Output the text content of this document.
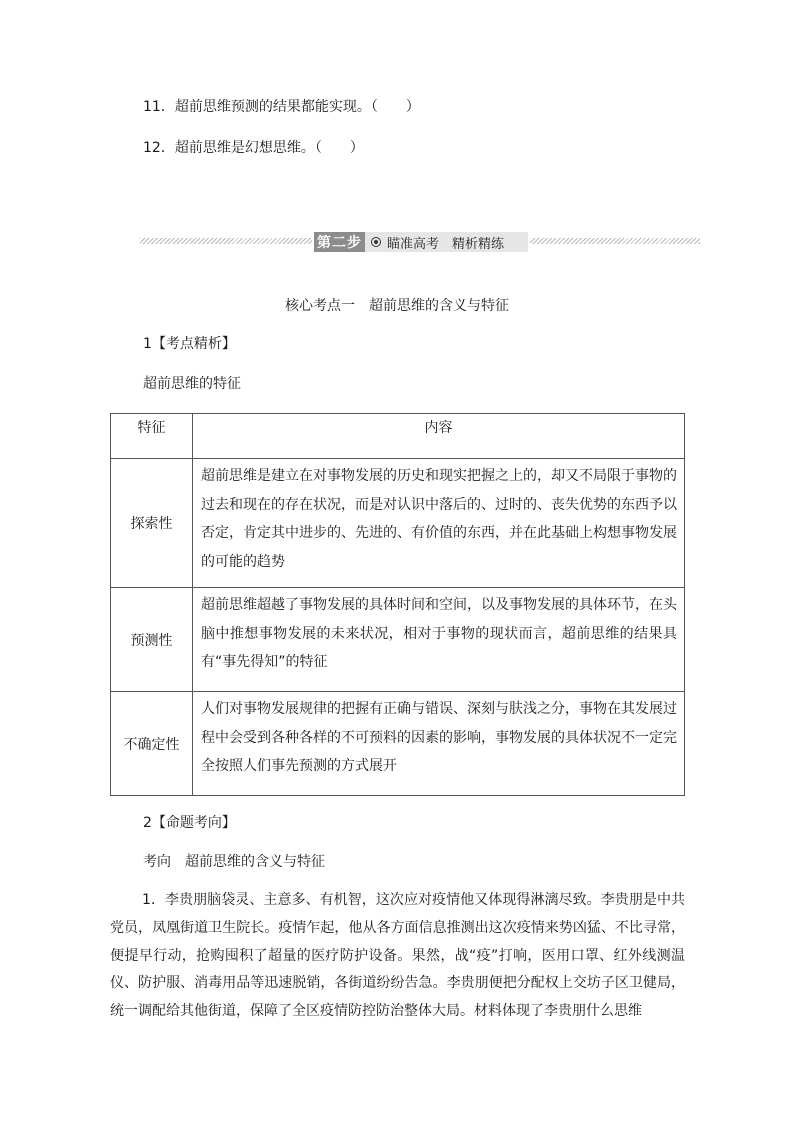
11．超前思维预测的结果都能实现。（　　）
12．超前思维是幻想思维。（　　）
第二步 瞄准高考　精析精练
核心考点一　超前思维的含义与特征
1【考点精析】
超前思维的特征
特征	内容
探索性	超前思维是建立在对事物发展的历史和现实把握之上的，却又不局限于事物的过去和现在的存在状况，而是对认识中落后的、过时的、丧失优势的东西予以否定，肯定其中进步的、先进的、有价值的东西，并在此基础上构想事物发展的可能的趋势
预测性	超前思维超越了事物发展的具体时间和空间，以及事物发展的具体环节，在头脑中推想事物发展的未来状况，相对于事物的现状而言，超前思维的结果具有“事先得知”的特征
不确定性	人们对事物发展规律的把握有正确与错误、深刻与肤浅之分，事物在其发展过程中会受到各种各样的不可预料的因素的影响，事物发展的具体状况不一定完全按照人们事先预测的方式展开
2【命题考向】
考向　超前思维的含义与特征
1．李贵朋脑袋灵、主意多、有机智，这次应对疫情他又体现得淋漓尽致。李贵朋是中共党员，凤凰街道卫生院长。疫情乍起，他从各方面信息推测出这次疫情来势凶猛、不比寻常，便提早行动，抢购囤积了超量的医疗防护设备。果然，战“疫”打响，医用口罩、红外线测温仪、防护服、消毒用品等迅速脱销，各街道纷纷告急。李贵朋便把分配权上交坊子区卫健局，统一调配给其他街道，保障了全区疫情防控防治整体大局。材料体现了李贵朋什么思维
